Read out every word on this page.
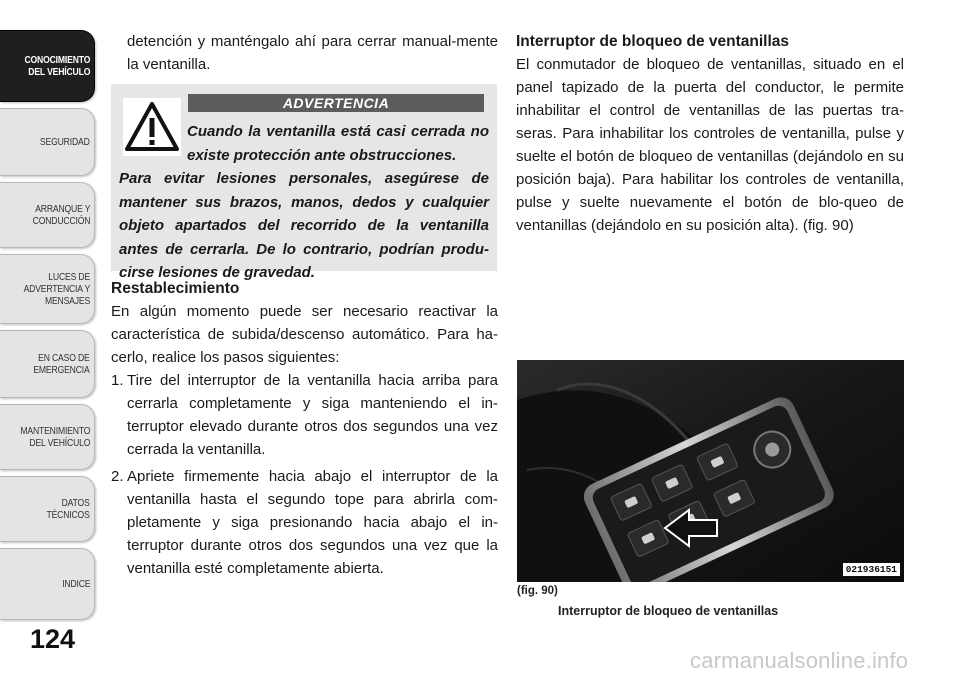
CONOCIMIENTO
DEL VEHÍCULO
SEGURIDAD
ARRANQUE Y
CONDUCCIÓN
LUCES DE
ADVERTENCIA Y
MENSAJES
EN CASO DE
EMERGENCIA
MANTENIMIENTO
DEL VEHÍCULO
DATOS
TÉCNICOS
INDICE
124

detención y manténgalo ahí para cerrar manual-mente la ventanilla.

ADVERTENCIA
Cuando la ventanilla está casi cerrada no existe protección ante obstrucciones.
Para evitar lesiones personales, asegúrese de mantener sus brazos, manos, dedos y cualquier objeto apartados del recorrido de la ventanilla antes de cerrarla. De lo contrario, podrían produ-cirse lesiones de gravedad.

Restablecimiento

En algún momento puede ser necesario reactivar la característica de subida/descenso automático. Para ha-cerlo, realice los pasos siguientes:

1. Tire del interruptor de la ventanilla hacia arriba para cerrarla completamente y siga manteniendo el in-terruptor elevado durante otros dos segundos una vez cerrada la ventanilla.
2. Apriete firmemente hacia abajo el interruptor de la ventanilla hasta el segundo tope para abrirla com-pletamente y siga presionando hacia abajo el in-terruptor durante otros dos segundos una vez que la ventanilla esté completamente abierta.

Interruptor de bloqueo de ventanillas

El conmutador de bloqueo de ventanillas, situado en el panel tapizado de la puerta del conductor, le permite inhabilitar el control de ventanillas de las puertas tra-seras. Para inhabilitar los controles de ventanilla, pulse y suelte el botón de bloqueo de ventanillas (dejándolo en su posición baja). Para habilitar los controles de ventanilla, pulse y suelte nuevamente el botón de blo-queo de ventanillas (dejándolo en su posición alta). (fig. 90)

021936151
(fig. 90)
Interruptor de bloqueo de ventanillas
carmanualsonline.info
